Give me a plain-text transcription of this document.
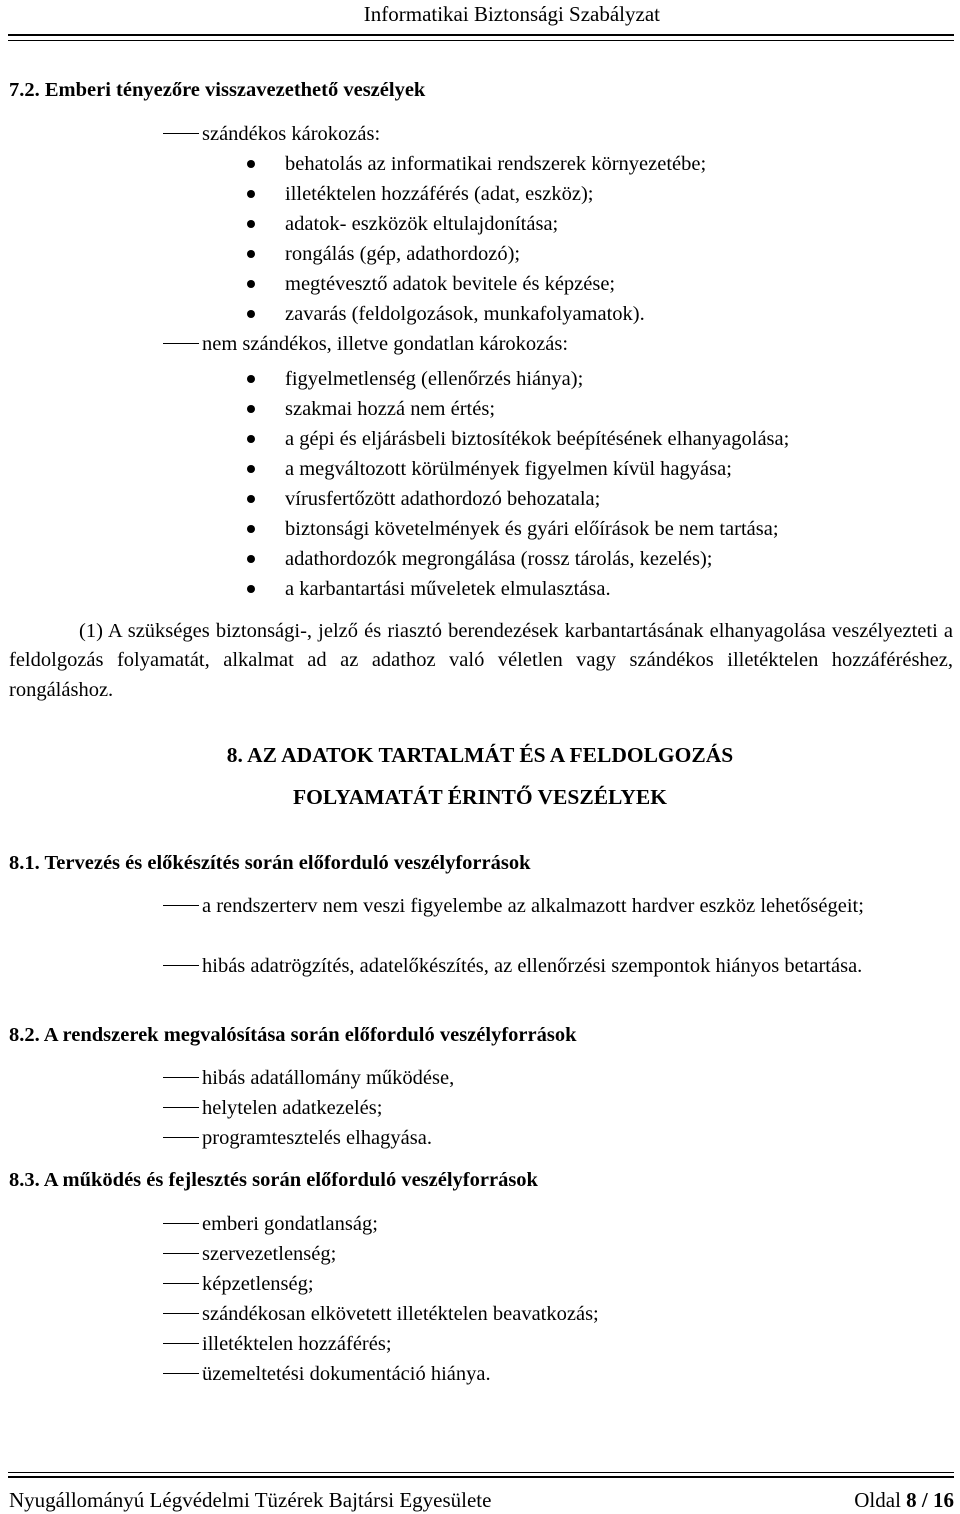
Informatikai Biztonsági Szabályzat
7.2. Emberi tényezőre visszavezethető veszélyek
szándékos károkozás:
behatolás az informatikai rendszerek környezetébe;
illetéktelen hozzáférés (adat, eszköz);
adatok- eszközök eltulajdonítása;
rongálás (gép, adathordozó);
megtévesztő adatok bevitele és képzése;
zavarás (feldolgozások, munkafolyamatok).
nem szándékos, illetve gondatlan károkozás:
figyelmetlenség (ellenőrzés hiánya);
szakmai hozzá nem értés;
a gépi és eljárásbeli biztosítékok beépítésének elhanyagolása;
a megváltozott körülmények figyelmen kívül hagyása;
vírusfertőzött adathordozó behozatala;
biztonsági követelmények és gyári előírások be nem tartása;
adathordozók megrongálása (rossz tárolás, kezelés);
a karbantartási műveletek elmulasztása.
(1) A szükséges biztonsági-, jelző és riasztó berendezések karbantartásának elhanyagolása veszélyezteti a feldolgozás folyamatát, alkalmat ad az adathoz való véletlen vagy szándékos illetéktelen hozzáféréshez, rongáláshoz.
8. AZ ADATOK TARTALMÁT ÉS A FELDOLGOZÁS
FOLYAMATÁT ÉRINTŐ VESZÉLYEK
8.1. Tervezés és előkészítés során előforduló veszélyforrások
a rendszerterv nem veszi figyelembe az alkalmazott hardver eszköz lehetőségeit;
hibás adatrögzítés, adatelőkészítés, az ellenőrzési szempontok hiányos betartása.
8.2. A rendszerek megvalósítása során előforduló veszélyforrások
hibás adatállomány működése,
helytelen adatkezelés;
programtesztelés elhagyása.
8.3. A működés és fejlesztés során előforduló veszélyforrások
emberi gondatlanság;
szervezetlenség;
képzetlenség;
szándékosan elkövetett illetéktelen beavatkozás;
illetéktelen hozzáférés;
üzemeltetési dokumentáció hiánya.
Nyugállományú Légvédelmi Tüzérek Bajtársi Egyesülete	Oldal 8 / 16
